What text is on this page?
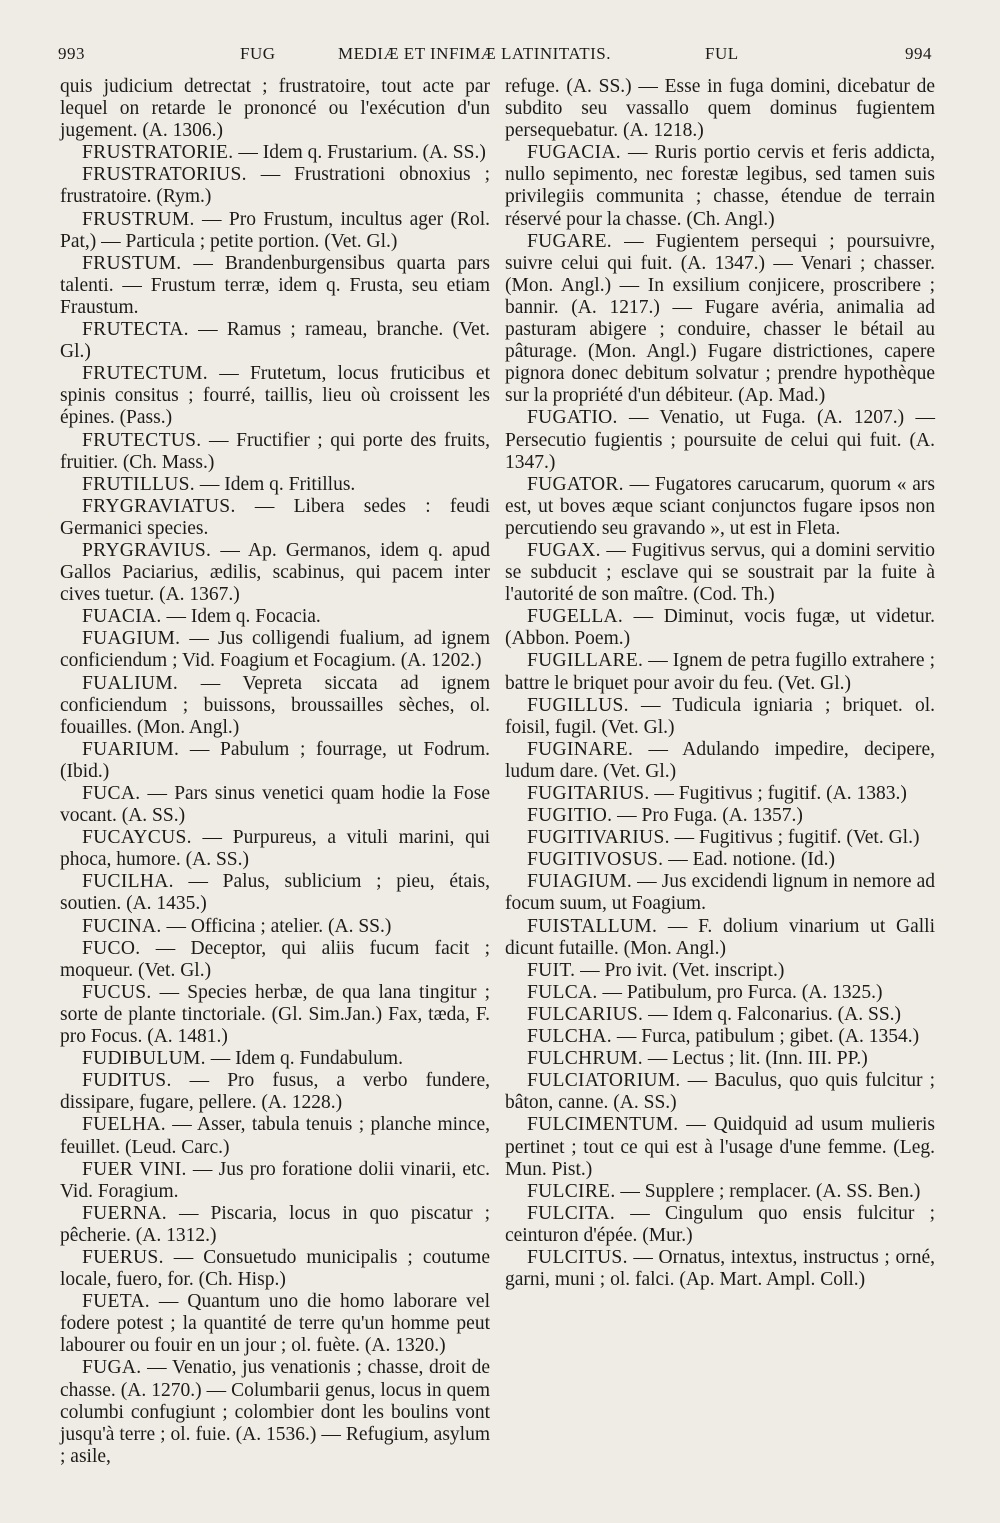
993	FUG	MEDIÆ ET INFIMÆ LATINITATIS.	FUL	994

quis judicium detrectat ; frustratoire, tout acte par lequel on retarde le prononcé ou l'exécution d'un jugement. (A. 1306.)

FRUSTRATORIE. — Idem q. Frustarium. (A. SS.)

FRUSTRATORIUS. — Frustrationi obnoxius ; frustratoire. (Rym.)

FRUSTRUM. — Pro Frustum, incultus ager (Rol. Pat,) — Particula ; petite portion. (Vet. Gl.)

FRUSTUM. — Brandenburgensibus quarta pars talenti. — Frustum terræ, idem q. Frusta, seu etiam Fraustum.

FRUTECTA. — Ramus ; rameau, branche. (Vet. Gl.)

FRUTECTUM. — Frutetum, locus fruticibus et spinis consitus ; fourré, taillis, lieu où croissent les épines. (Pass.)

FRUTECTUS. — Fructifier ; qui porte des fruits, fruitier. (Ch. Mass.)

FRUTILLUS. — Idem q. Fritillus.

FRYGRAVIATUS. — Libera sedes : feudi Germanici species.

PRYGRAVIUS. — Ap. Germanos, idem q. apud Gallos Paciarius, ædilis, scabinus, qui pacem inter cives tuetur. (A. 1367.)

FUACIA. — Idem q. Focacia.

FUAGIUM. — Jus colligendi fualium, ad ignem conficiendum ; Vid. Foagium et Focagium. (A. 1202.)

FUALIUM. — Vepreta siccata ad ignem conficiendum ; buissons, broussailles sèches, ol. fouailles. (Mon. Angl.)

FUARIUM. — Pabulum ; fourrage, ut Fodrum. (Ibid.)

FUCA. — Pars sinus venetici quam hodie la Fose vocant. (A. SS.)

FUCAYCUS. — Purpureus, a vituli marini, qui phoca, humore. (A. SS.)

FUCILHA. — Palus, sublicium ; pieu, étais, soutien. (A. 1435.)

FUCINA. — Officina ; atelier. (A. SS.)

FUCO. — Deceptor, qui aliis fucum facit ; moqueur. (Vet. Gl.)

FUCUS. — Species herbæ, de qua lana tingitur ; sorte de plante tinctoriale. (Gl. Sim.Jan.) Fax, tæda, F. pro Focus. (A. 1481.)

FUDIBULUM. — Idem q. Fundabulum.

FUDITUS. — Pro fusus, a verbo fundere, dissipare, fugare, pellere. (A. 1228.)

FUELHA. — Asser, tabula tenuis ; planche mince, feuillet. (Leud. Carc.)

FUER VINI. — Jus pro foratione dolii vinarii, etc. Vid. Foragium.

FUERNA. — Piscaria, locus in quo piscatur ; pêcherie. (A. 1312.)

FUERUS. — Consuetudo municipalis ; coutume locale, fuero, for. (Ch. Hisp.)

FUETA. — Quantum uno die homo laborare vel fodere potest ; la quantité de terre qu'un homme peut labourer ou fouir en un jour ; ol. fuète. (A. 1320.)

FUGA. — Venatio, jus venationis ; chasse, droit de chasse. (A. 1270.) — Columbarii genus, locus in quem columbi confugiunt ; colombier dont les boulins vont jusqu'à terre ; ol. fuie. (A. 1536.) — Refugium, asylum ; asile,

refuge. (A. SS.) — Esse in fuga domini, dicebatur de subdito seu vassallo quem dominus fugientem persequebatur. (A. 1218.)

FUGACIA. — Ruris portio cervis et feris addicta, nullo sepimento, nec forestæ legibus, sed tamen suis privilegiis communita ; chasse, étendue de terrain réservé pour la chasse. (Ch. Angl.)

FUGARE. — Fugientem persequi ; poursuivre, suivre celui qui fuit. (A. 1347.) — Venari ; chasser. (Mon. Angl.) — In exsilium conjicere, proscribere ; bannir. (A. 1217.) — Fugare avéria, animalia ad pasturam abigere ; conduire, chasser le bétail au pâturage. (Mon. Angl.) Fugare districtiones, capere pignora donec debitum solvatur ; prendre hypothèque sur la propriété d'un débiteur. (Ap. Mad.)

FUGATIO. — Venatio, ut Fuga. (A. 1207.) — Persecutio fugientis ; poursuite de celui qui fuit. (A. 1347.)

FUGATOR. — Fugatores carucarum, quorum « ars est, ut boves æque sciant conjunctos fugare ipsos non percutiendo seu gravando », ut est in Fleta.

FUGAX. — Fugitivus servus, qui a domini servitio se subducit ; esclave qui se soustrait par la fuite à l'autorité de son maître. (Cod. Th.)

FUGELLA. — Diminut, vocis fugæ, ut videtur. (Abbon. Poem.)

FUGILLARE. — Ignem de petra fugillo extrahere ; battre le briquet pour avoir du feu. (Vet. Gl.)

FUGILLUS. — Tudicula igniaria ; briquet. ol. foisil, fugil. (Vet. Gl.)

FUGINARE. — Adulando impedire, decipere, ludum dare. (Vet. Gl.)

FUGITARIUS. — Fugitivus ; fugitif. (A. 1383.)

FUGITIO. — Pro Fuga. (A. 1357.)

FUGITIVARIUS. — Fugitivus ; fugitif. (Vet. Gl.)

FUGITIVOSUS. — Ead. notione. (Id.)

FUIAGIUM. — Jus excidendi lignum in nemore ad focum suum, ut Foagium.

FUISTALLUM. — F. dolium vinarium ut Galli dicunt futaille. (Mon. Angl.)

FUIT. — Pro ivit. (Vet. inscript.)

FULCA. — Patibulum, pro Furca. (A. 1325.)

FULCARIUS. — Idem q. Falconarius. (A. SS.)

FULCHA. — Furca, patibulum ; gibet. (A. 1354.)

FULCHRUM. — Lectus ; lit. (Inn. III. PP.)

FULCIATORIUM. — Baculus, quo quis fulcitur ; bâton, canne. (A. SS.)

FULCIMENTUM. — Quidquid ad usum mulieris pertinet ; tout ce qui est à l'usage d'une femme. (Leg. Mun. Pist.)

FULCIRE. — Supplere ; remplacer. (A. SS. Ben.)

FULCITA. — Cingulum quo ensis fulcitur ; ceinturon d'épée. (Mur.)

FULCITUS. — Ornatus, intextus, instructus ; orné, garni, muni ; ol. falci. (Ap. Mart. Ampl. Coll.)
